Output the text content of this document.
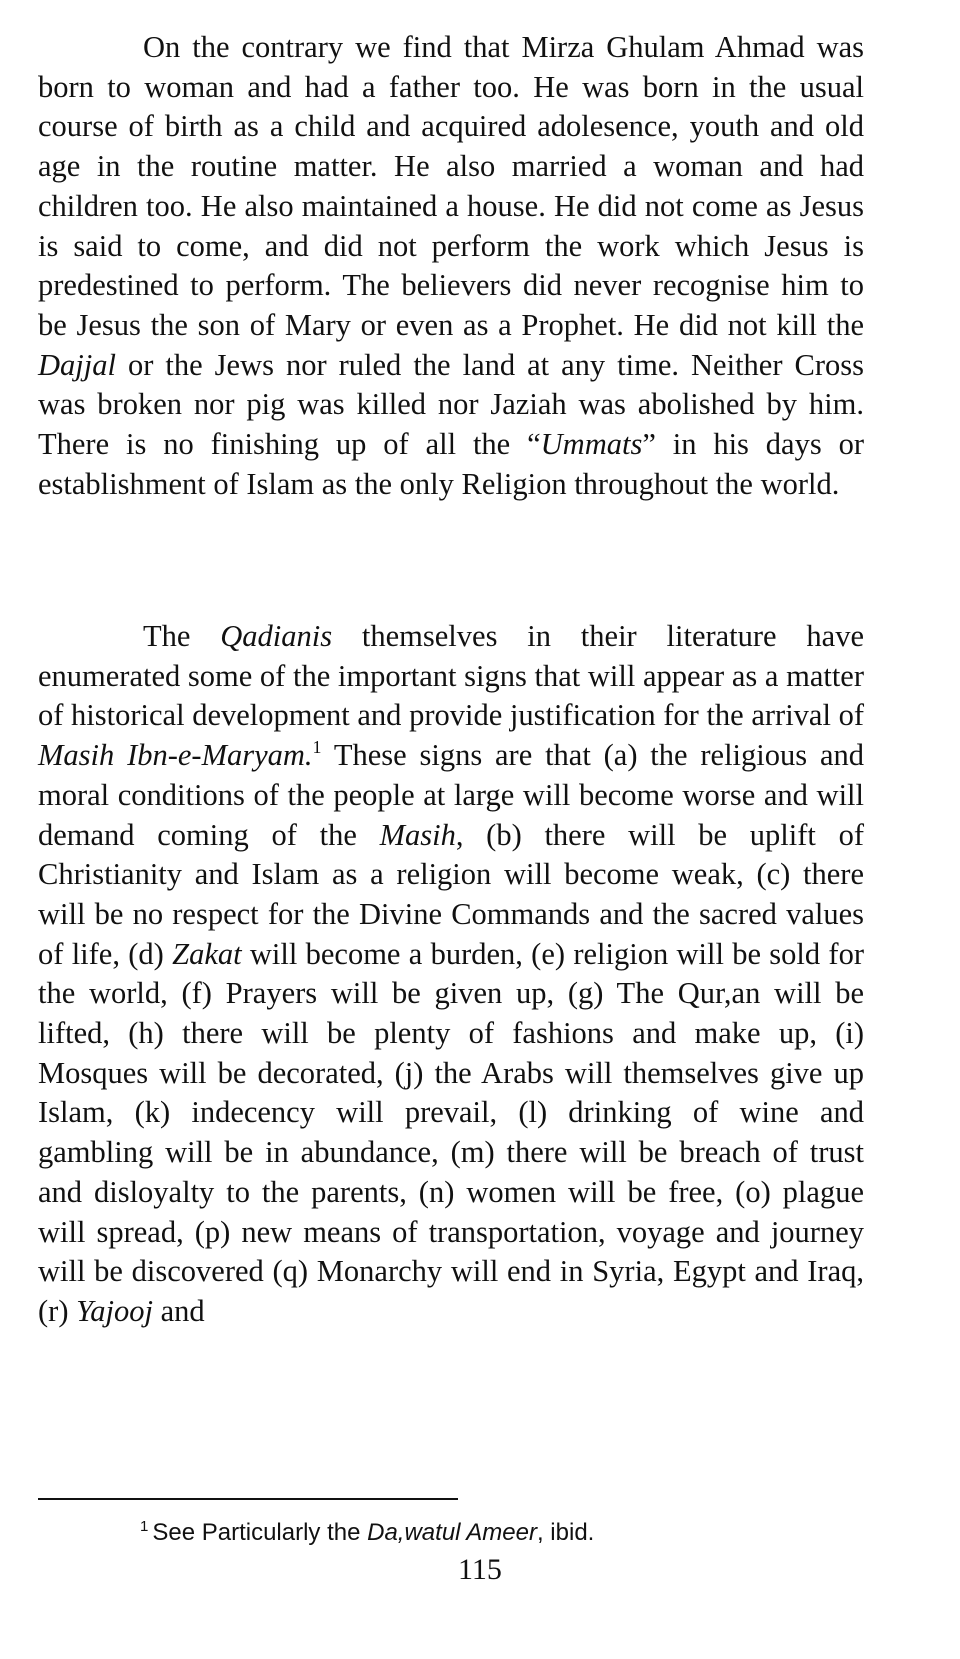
On the contrary we find that Mirza Ghulam Ahmad was born to woman and had a father too. He was born in the usual course of birth as a child and acquired adolesence, youth and old age in the routine matter. He also married a woman and had children too. He also maintained a house. He did not come as Jesus is said to come, and did not perform the work which Jesus is predestined to perform. The believers did never recognise him to be Jesus the son of Mary or even as a Prophet. He did not kill the Dajjal or the Jews nor ruled the land at any time. Neither Cross was broken nor pig was killed nor Jaziah was abolished by him. There is no finishing up of all the “Ummats” in his days or establishment of Islam as the only Religion throughout the world.

The Qadianis themselves in their literature have enumerated some of the important signs that will appear as a matter of historical development and provide justification for the arrival of Masih Ibn-e-Maryam.$^1$ These signs are that (a) the religious and moral conditions of the people at large will become worse and will demand coming of the Masih, (b) there will be uplift of Christianity and Islam as a religion will become weak, (c) there will be no respect for the Divine Commands and the sacred values of life, (d) Zakat will become a burden, (e) religion will be sold for the world, (f) Prayers will be given up, (g) The Qur,an will be lifted, (h) there will be plenty of fashions and make up, (i) Mosques will be decorated, (j) the Arabs will themselves give up Islam, (k) indecency will prevail, (l) drinking of wine and gambling will be in abundance, (m) there will be breach of trust and disloyalty to the parents, (n) women will be free, (o) plague will spread, (p) new means of transportation, voyage and journey will be discovered (q) Monarchy will end in Syria, Egypt and Iraq, (r) Yajooj and

$^1$ See Particularly the Da,watul Ameer, ibid.

115
